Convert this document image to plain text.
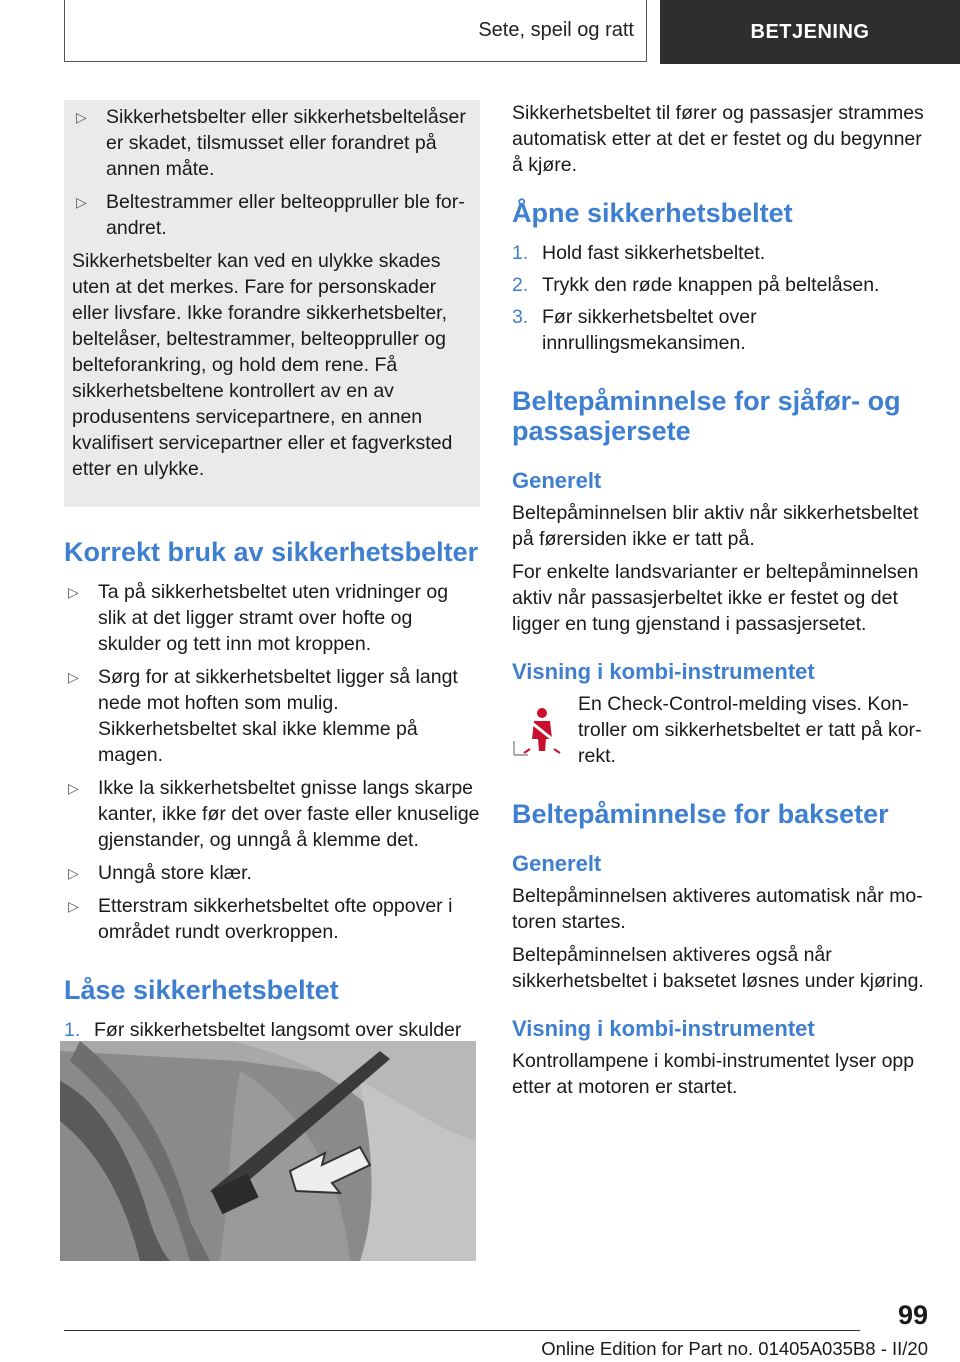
Sete, speil og ratt	BETJENING
▷ Sikkerhetsbelter eller sikkerhetsbeltelåser er skadet, tilsmusset eller forandret på annen måte.
▷ Beltestrammer eller belteoppruller ble forandret.

Sikkerhetsbelter kan ved en ulykke skades uten at det merkes. Fare for personskader eller livsfare. Ikke forandre sikkerhetsbelter, beltelåser, beltestrammer, belteoppruller og belteforankring, og hold dem rene. Få sikkerhetsbeltene kontrollert av en av produsentens servicepartnere, en annen kvalifisert servicepartner eller et fagverksted etter en ulykke.

Korrekt bruk av sikkerhetsbelter
▷ Ta på sikkerhetsbeltet uten vridninger og slik at det ligger stramt over hofte og skulder og tett inn mot kroppen.
▷ Sørg for at sikkerhetsbeltet ligger så langt nede mot hoften som mulig. Sikkerhetsbeltet skal ikke klemme på magen.
▷ Ikke la sikkerhetsbeltet gnisse langs skarpe kanter, ikke før det over faste eller knuselige gjenstander, og unngå å klemme det.
▷ Unngå store klær.
▷ Etterstram sikkerhetsbeltet ofte oppover i området rundt overkroppen.
Låse sikkerhetsbeltet
1. Før sikkerhetsbeltet langsomt over skulder

Sikkerhetsbeltet til fører og passasjer strammes automatisk etter at det er festet og du begynner å kjøre.

Åpne sikkerhetsbeltet
1. Hold fast sikkerhetsbeltet.
2. Trykk den røde knappen på beltelåsen.
3. Før sikkerhetsbeltet over innrullingsmekansimen.
Beltepåminnelse for sjåfør- og passasjersete
Generelt

Beltepåminnelsen blir aktiv når sikkerhetsbeltet på førersiden ikke er tatt på.

For enkelte landsvarianter er beltepåminnelsen aktiv når passasjerbeltet ikke er festet og det ligger en tung gjenstand i passasjersetet.

Visning i kombi-instrumentet
En Check-Control-melding vises. Kontroller om sikkerhetsbeltet er tatt på korrekt.
Beltepåminnelse for bakseter
Generelt

Beltepåminnelsen aktiveres automatisk når motoren startes.

Beltepåminnelsen aktiveres også når sikkerhetsbeltet i baksetet løsnes under kjøring.

Visning i kombi-instrumentet

Kontrollampene i kombi-instrumentet lyser opp etter at motoren er startet.

99
Online Edition for Part no. 01405A035B8 - II/20
